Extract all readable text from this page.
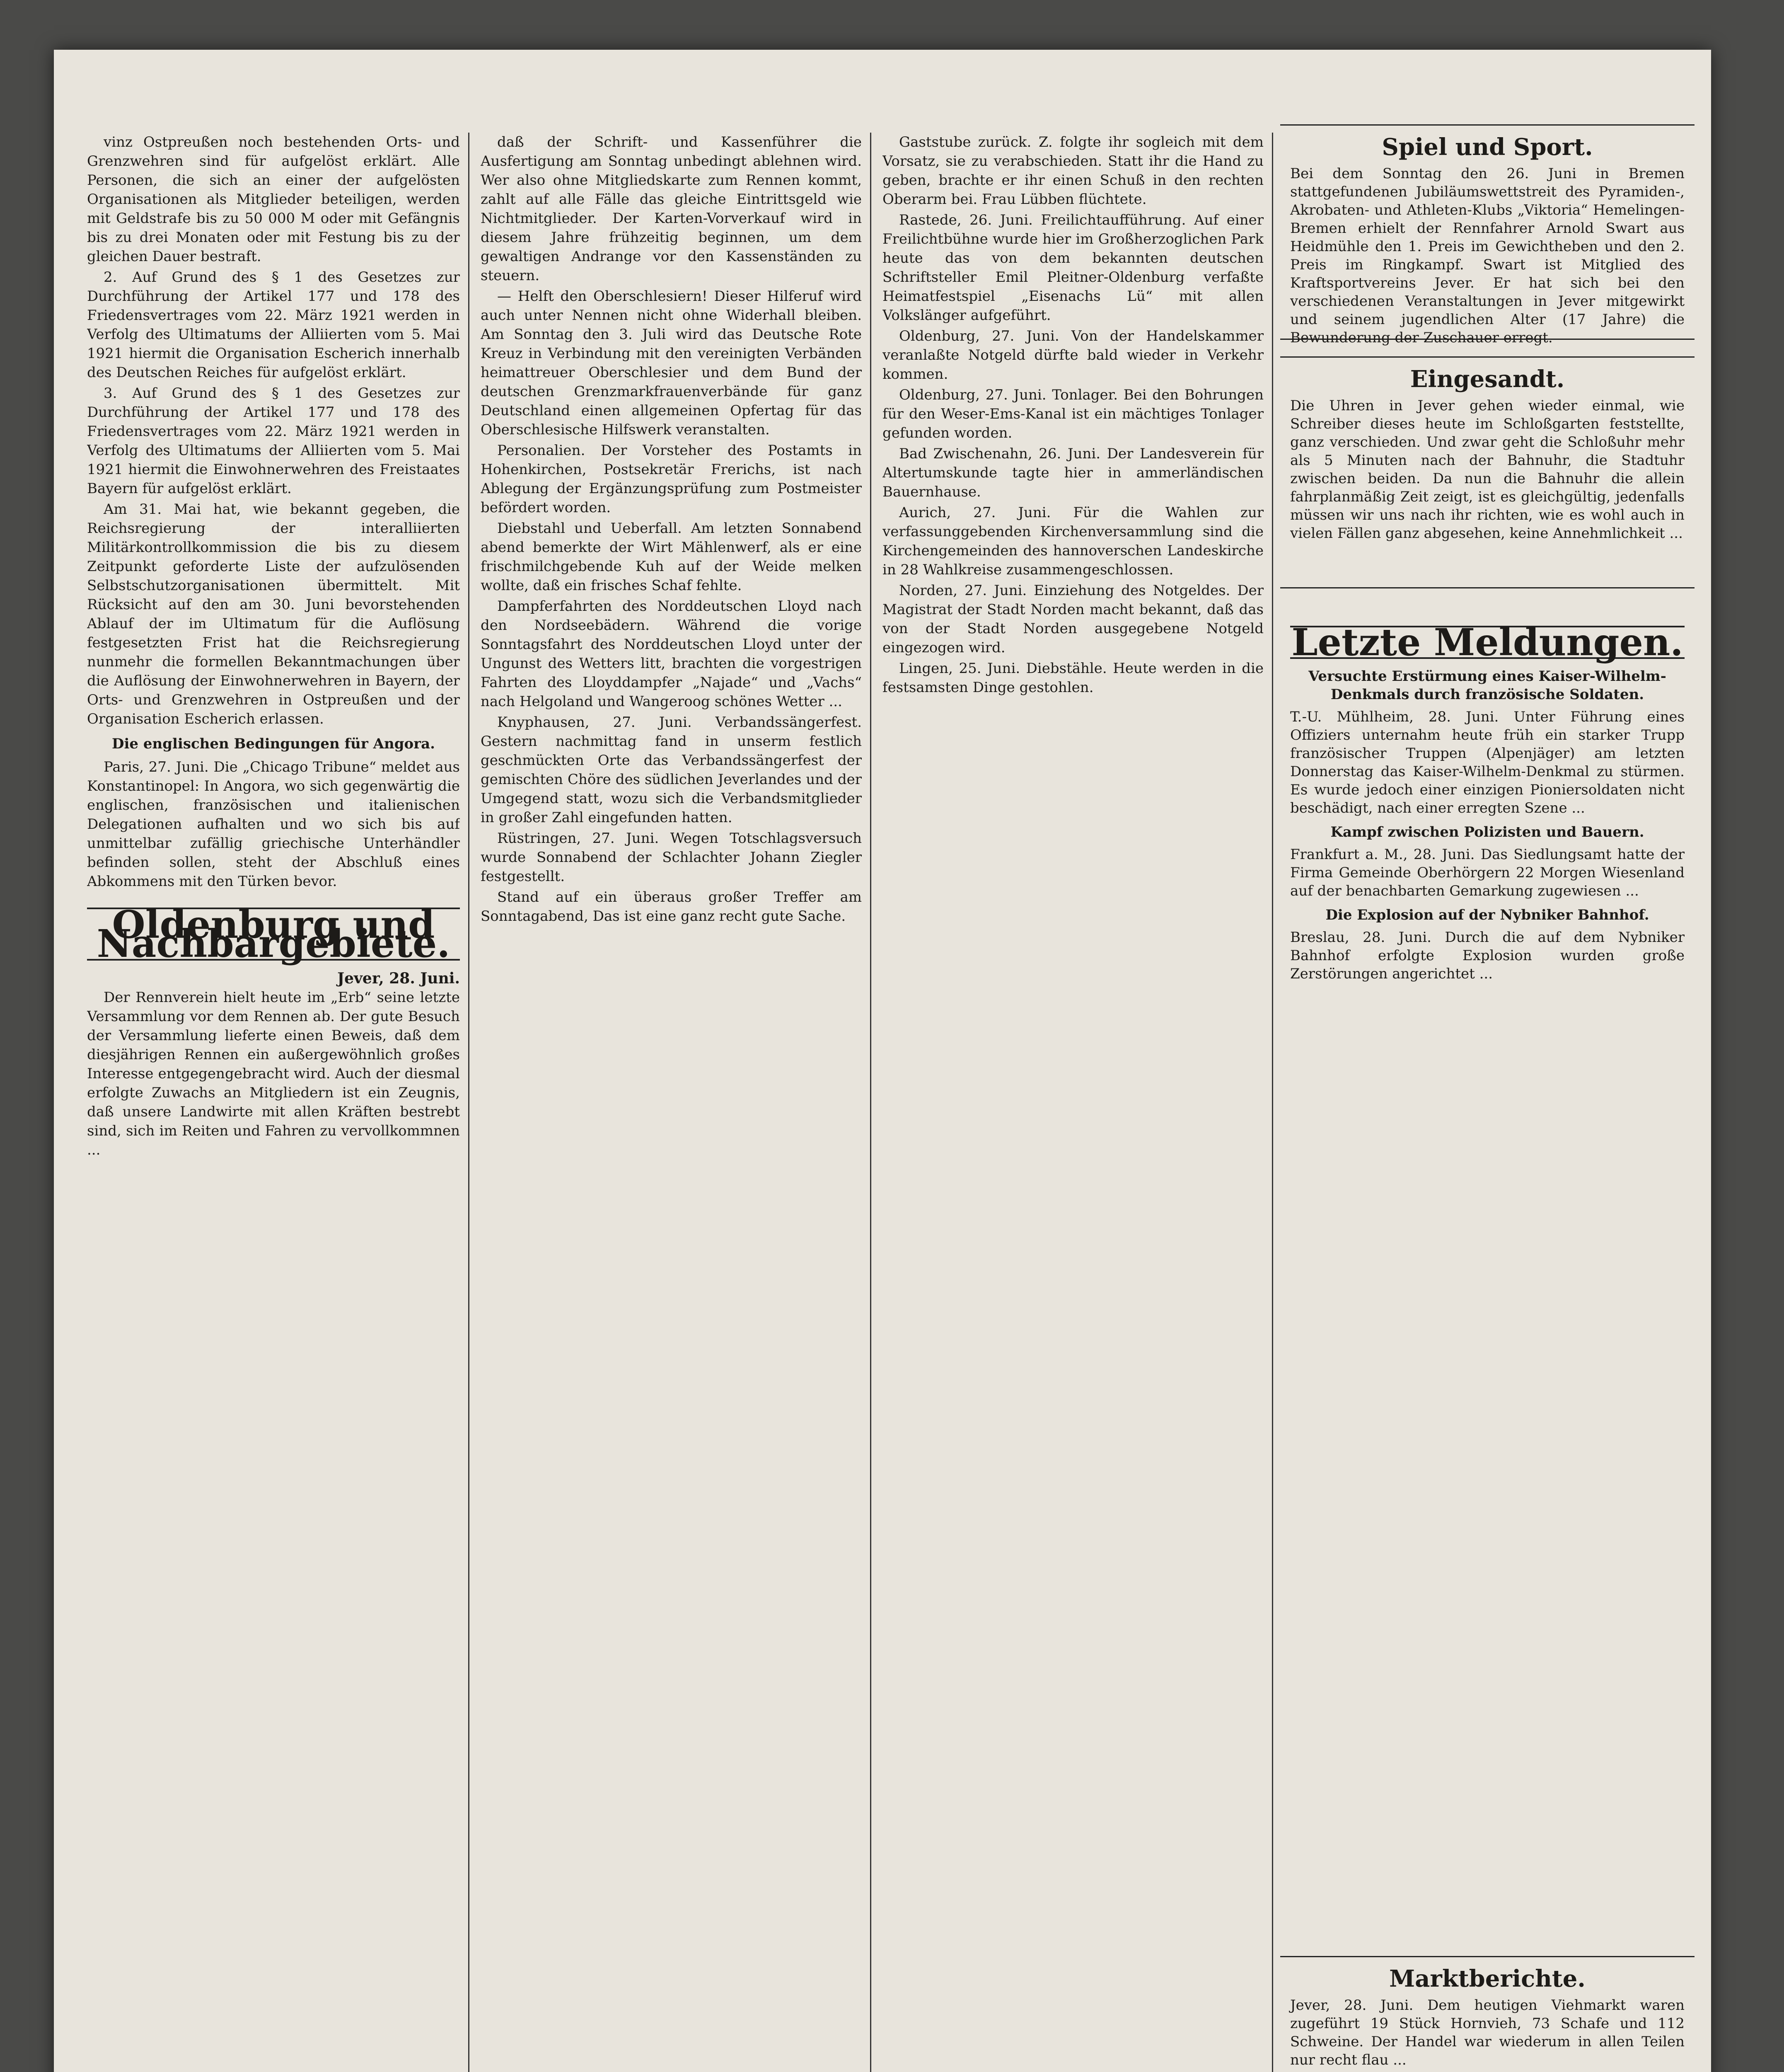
vinz Ostpreußen noch bestehenden Orts- und Grenzwehren sind für aufgelöst erklärt. Alle Personen, die sich an einer der aufgelösten Organisationen als Mitglieder beteiligen, werden mit Geldstrafe bis zu 50 000 M oder mit Gefängnis bis zu drei Monaten oder mit Festung bis zu der gleichen Dauer bestraft.

2. Auf Grund des § 1 des Gesetzes zur Durchführung der Artikel 177 und 178 des Friedensvertrages vom 22. März 1921 werden in Verfolg des Ultimatums der Alliierten vom 5. Mai 1921 hiermit die Organisation Escherich innerhalb des Deutschen Reiches für aufgelöst erklärt.

3. Auf Grund des § 1 des Gesetzes zur Durchführung der Artikel 177 und 178 des Friedensvertrages vom 22. März 1921 werden in Verfolg des Ultimatums der Alliierten vom 5. Mai 1921 hiermit die Einwohnerwehren des Freistaates Bayern für aufgelöst erklärt.

Am 31. Mai hat, wie bekannt gegeben, die Reichsregierung der interalliierten Militärkontrollkommission die bis zu diesem Zeitpunkt geforderte Liste der aufzulösenden Selbstschutzorganisationen übermittelt. Mit Rücksicht auf den am 30. Juni bevorstehenden Ablauf der im Ultimatum für die Auflösung festgesetzten Frist hat die Reichsregierung nunmehr die formellen Bekanntmachungen über die Auflösung der Einwohnerwehren in Bayern, der Orts- und Grenzwehren in Ostpreußen und der Organisation Escherich erlassen.

Die englischen Bedingungen für Angora.

Paris, 27. Juni. Die „Chicago Tribune“ meldet aus Konstantinopel: In Angora, wo sich gegenwärtig die englischen, französischen und italienischen Delegationen aufhalten und wo sich bis auf unmittelbar zufällig griechische Unterhändler befinden sollen, steht der Abschluß eines Abkommens mit den Türken bevor.

Oldenburg und Nachbargebiete.
Jever, 28. Juni.

Der Rennverein hielt heute im „Erb“ seine letzte Versammlung vor dem Rennen ab. Der gute Besuch der Versammlung lieferte einen Beweis, daß dem diesjährigen Rennen ein außergewöhnlich großes Interesse entgegengebracht wird. Auch der diesmal erfolgte Zuwachs an Mitgliedern ist ein Zeugnis, daß unsere Landwirte mit allen Kräften bestrebt sind, sich im Reiten und Fahren zu vervollkommnen ...

daß der Schrift- und Kassenführer die Ausfertigung am Sonntag unbedingt ablehnen wird. Wer also ohne Mitgliedskarte zum Rennen kommt, zahlt auf alle Fälle das gleiche Eintrittsgeld wie Nichtmitglieder. Der Karten-Vorverkauf wird in diesem Jahre frühzeitig beginnen, um dem gewaltigen Andrange vor den Kassenständen zu steuern.

— Helft den Oberschlesiern! Dieser Hilferuf wird auch unter Nennen nicht ohne Widerhall bleiben. Am Sonntag den 3. Juli wird das Deutsche Rote Kreuz in Verbindung mit den vereinigten Verbänden heimattreuer Oberschlesier und dem Bund der deutschen Grenzmarkfrauenverbände für ganz Deutschland einen allgemeinen Opfertag für das Oberschlesische Hilfswerk veranstalten.

Personalien. Der Vorsteher des Postamts in Hohenkirchen, Postsekretär Frerichs, ist nach Ablegung der Ergänzungsprüfung zum Postmeister befördert worden.

Diebstahl und Ueberfall. Am letzten Sonnabend abend bemerkte der Wirt Mählenwerf, als er eine frischmilchgebende Kuh auf der Weide melken wollte, daß ein frisches Schaf fehlte.

Dampferfahrten des Norddeutschen Lloyd nach den Nordseebädern. Während die vorige Sonntagsfahrt des Norddeutschen Lloyd unter der Ungunst des Wetters litt, brachten die vorgestrigen Fahrten des Lloyddampfer „Najade“ und „Vachs“ nach Helgoland und Wangeroog schönes Wetter ...

Knyphausen, 27. Juni. Verbandssängerfest. Gestern nachmittag fand in unserm festlich geschmückten Orte das Verbandssängerfest der gemischten Chöre des südlichen Jeverlandes und der Umgegend statt, wozu sich die Verbandsmitglieder in großer Zahl eingefunden hatten.

Rüstringen, 27. Juni. Wegen Totschlagsversuch wurde Sonnabend der Schlachter Johann Ziegler festgestellt.

Stand auf ein überaus großer Treffer am Sonntagabend, Das ist eine ganz recht gute Sache.

Gaststube zurück. Z. folgte ihr sogleich mit dem Vorsatz, sie zu verabschieden. Statt ihr die Hand zu geben, brachte er ihr einen Schuß in den rechten Oberarm bei. Frau Lübben flüchtete.

Rastede, 26. Juni. Freilichtaufführung. Auf einer Freilichtbühne wurde hier im Großherzoglichen Park heute das von dem bekannten deutschen Schriftsteller Emil Pleitner-Oldenburg verfaßte Heimatfestspiel „Eisenachs Lü“ mit allen Volkslänger aufgeführt.

Oldenburg, 27. Juni. Von der Handelskammer veranlaßte Notgeld dürfte bald wieder in Verkehr kommen.

Oldenburg, 27. Juni. Tonlager. Bei den Bohrungen für den Weser-Ems-Kanal ist ein mächtiges Tonlager gefunden worden.

Bad Zwischenahn, 26. Juni. Der Landesverein für Altertumskunde tagte hier in ammerländischen Bauernhause.

Aurich, 27. Juni. Für die Wahlen zur verfassunggebenden Kirchenversammlung sind die Kirchengemeinden des hannoverschen Landeskirche in 28 Wahlkreise zusammengeschlossen.

Norden, 27. Juni. Einziehung des Notgeldes. Der Magistrat der Stadt Norden macht bekannt, daß das von der Stadt Norden ausgegebene Notgeld eingezogen wird.

Lingen, 25. Juni. Diebstähle. Heute werden in die festsamsten Dinge gestohlen.

Spiel und Sport.
Bei dem Sonntag den 26. Juni in Bremen stattgefundenen Jubiläumswettstreit des Pyramiden-, Akrobaten- und Athleten-Klubs „Viktoria“ Hemelingen-Bremen erhielt der Rennfahrer Arnold Swart aus Heidmühle den 1. Preis im Gewichtheben und den 2. Preis im Ringkampf. Swart ist Mitglied des Kraftsportvereins Jever. Er hat sich bei den verschiedenen Veranstaltungen in Jever mitgewirkt und seinem jugendlichen Alter (17 Jahre) die Bewunderung der Zuschauer erregt.
Eingesandt.
Die Uhren in Jever gehen wieder einmal, wie Schreiber dieses heute im Schloßgarten feststellte, ganz verschieden. Und zwar geht die Schloßuhr mehr als 5 Minuten nach der Bahnuhr, die Stadtuhr zwischen beiden. Da nun die Bahnuhr die allein fahrplanmäßig Zeit zeigt, ist es gleichgültig, jedenfalls müssen wir uns nach ihr richten, wie es wohl auch in vielen Fällen ganz abgesehen, keine Annehmlichkeit ...
Letzte Meldungen.
Versuchte Erstürmung eines Kaiser-Wilhelm-Denkmals durch französische Soldaten.
T.-U. Mühlheim, 28. Juni. Unter Führung eines Offiziers unternahm heute früh ein starker Trupp französischer Truppen (Alpenjäger) am letzten Donnerstag das Kaiser-Wilhelm-Denkmal zu stürmen. Es wurde jedoch einer einzigen Pioniersoldaten nicht beschädigt, nach einer erregten Szene ...
Kampf zwischen Polizisten und Bauern.
Frankfurt a. M., 28. Juni. Das Siedlungsamt hatte der Firma Gemeinde Oberhörgern 22 Morgen Wiesenland auf der benachbarten Gemarkung zugewiesen ...
Die Explosion auf der Nybniker Bahnhof.
Breslau, 28. Juni. Durch die auf dem Nybniker Bahnhof erfolgte Explosion wurden große Zerstörungen angerichtet ...
Marktberichte.
Jever, 28. Juni. Dem heutigen Viehmarkt waren zugeführt 19 Stück Hornvieh, 73 Schafe und 112 Schweine. Der Handel war wiederum in allen Teilen nur recht flau ...
